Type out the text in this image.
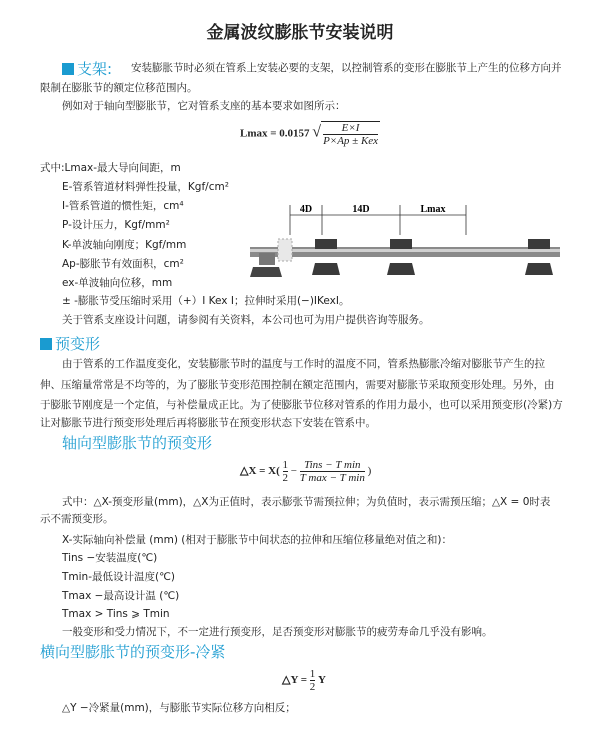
金属波纹膨胀节安装说明
支架: 安装膨胀节时必须在管系上安装必要的支架，以控制管系的变形在膨胀节上产生的位移方向并
限制在膨胀节的额定位移范围内。
例如对于轴向型膨胀节，它对管系支座的基本要求如图所示：
Lmax = 0.0157 √ $\frac{E\times I}{\text{P×Ap ± Kex}}$
式中:Lmax-最大导向间距，m
E-管系管道材料弹性投量，Kgf/cm²
I-管系管道的惯性矩，cm⁴
P-设计压力，Kgf/mm²
K-单波轴向刚度；Kgf/mm
Ap-膨胀节有效面积，cm²
ex-单波轴向位移，mm
± -膨胀节受压缩时采用（+）I Kex I；拉伸时采用(−)IKexI。
关于管系支座设计问题，请参阅有关资料，本公司也可为用户提供咨询等服务。
4D	14D	Lmax
预变形
由于管系的工作温度变化，安装膨胀节时的温度与工作时的温度不同，管系热膨胀冷缩对膨胀节产生的拉
伸、压缩量常常是不均等的，为了膨胀节变形范围控制在额定范围内，需要对膨胀节采取预变形处理。另外，由
于膨胀节刚度是一个定值，与补偿量成正比。为了使膨胀节位移对管系的作用力最小，也可以采用预变形(冷紧)方
让对膨胀节进行预变形处理后再将膨胀节在预变形状态下安装在管系中。
轴向型膨胀节的预变形
△X = $X( \frac{1}{2} - \frac{\text{Tins − T min}}{\text{T max − T min}}$ )
式中：△X-预变形量(mm)，△X为正值时，表示膨张节需预拉伸；为负值时，表示需预压缩；△X = 0时表
示不需预变形。
X-实际轴向补偿量 (mm) (相对于膨胀节中间状态的拉伸和压缩位移量绝对值之和)：
Tins −安装温度(℃)
Tmin-最低设计温度(℃)
Tmax −最高设计温 (℃)
Tmax > Tins ⩾ Tmin
一般变形和受力情况下，不一定进行预变形，足否预变形对膨胀节的疲劳寿命几乎没有影响。
横向型膨胀节的预变形-冷紧
△Y = $\frac{1}{2}$ Y
△Y −冷紧量(mm)，与膨胀节实际位移方向相反；
